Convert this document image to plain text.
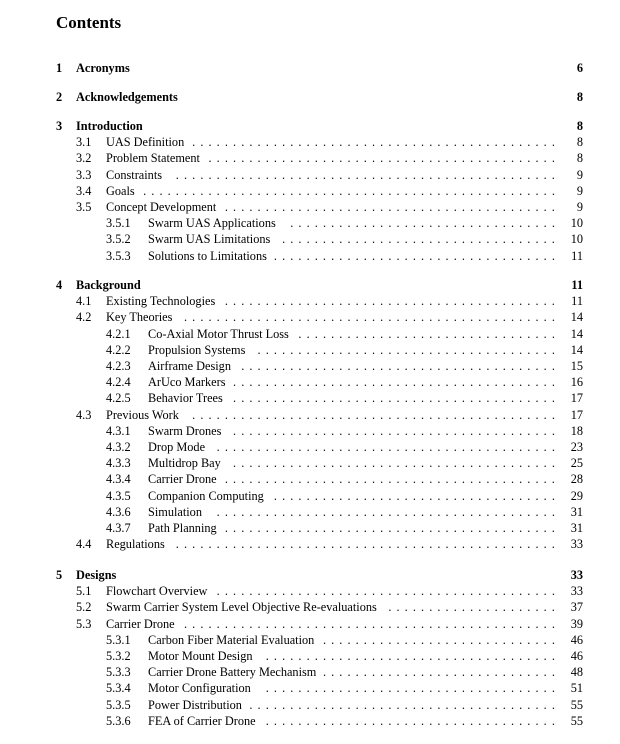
Contents
1 Acronyms	6
2 Acknowledgements	8
3 Introduction	8
3.1 UAS Definition	8
.............................................
3.2 Problem Statement	8
...........................................
3.3 Constraints	9
...............................................
3.4 Goals	9
...................................................
3.5 Concept Development	9
.........................................
3.5.1 Swarm UAS Applications	10
.................................
3.5.2 Swarm UAS Limitations	10
..................................
3.5.3 Solutions to Limitations	11
...................................
4 Background	11
4.1 Existing Technologies	11
.........................................
4.2 Key Theories	14
..............................................
4.2.1 Co-Axial Motor Thrust Loss	14
................................
4.2.2 Propulsion Systems	14
.....................................
4.2.3 Airframe Design	15
.......................................
4.2.4 ArUco Markers	16
........................................
4.2.5 Behavior Trees	17
........................................
4.3 Previous Work	17
.............................................
4.3.1 Swarm Drones	18
........................................
4.3.2 Drop Mode	23
..........................................
4.3.3 Multidrop Bay	25
........................................
4.3.4 Carrier Drone	28
.........................................
4.3.5 Companion Computing	29
...................................
4.3.6 Simulation	31
..........................................
4.3.7 Path Planning	31
.........................................
4.4 Regulations	33
...............................................
5 Designs	33
5.1 Flowchart Overview	33
..........................................
5.2 Swarm Carrier System Level Objective Re-evaluations	37
.....................
5.3 Carrier Drone	39
..............................................
5.3.1 Carbon Fiber Material Evaluation	46
.............................
5.3.2 Motor Mount Design	46
....................................
5.3.3 Carrier Drone Battery Mechanism	48
.............................
5.3.4 Motor Configuration	51
....................................
5.3.5 Power Distribution	55
......................................
5.3.6 FEA of Carrier Drone	55
....................................
